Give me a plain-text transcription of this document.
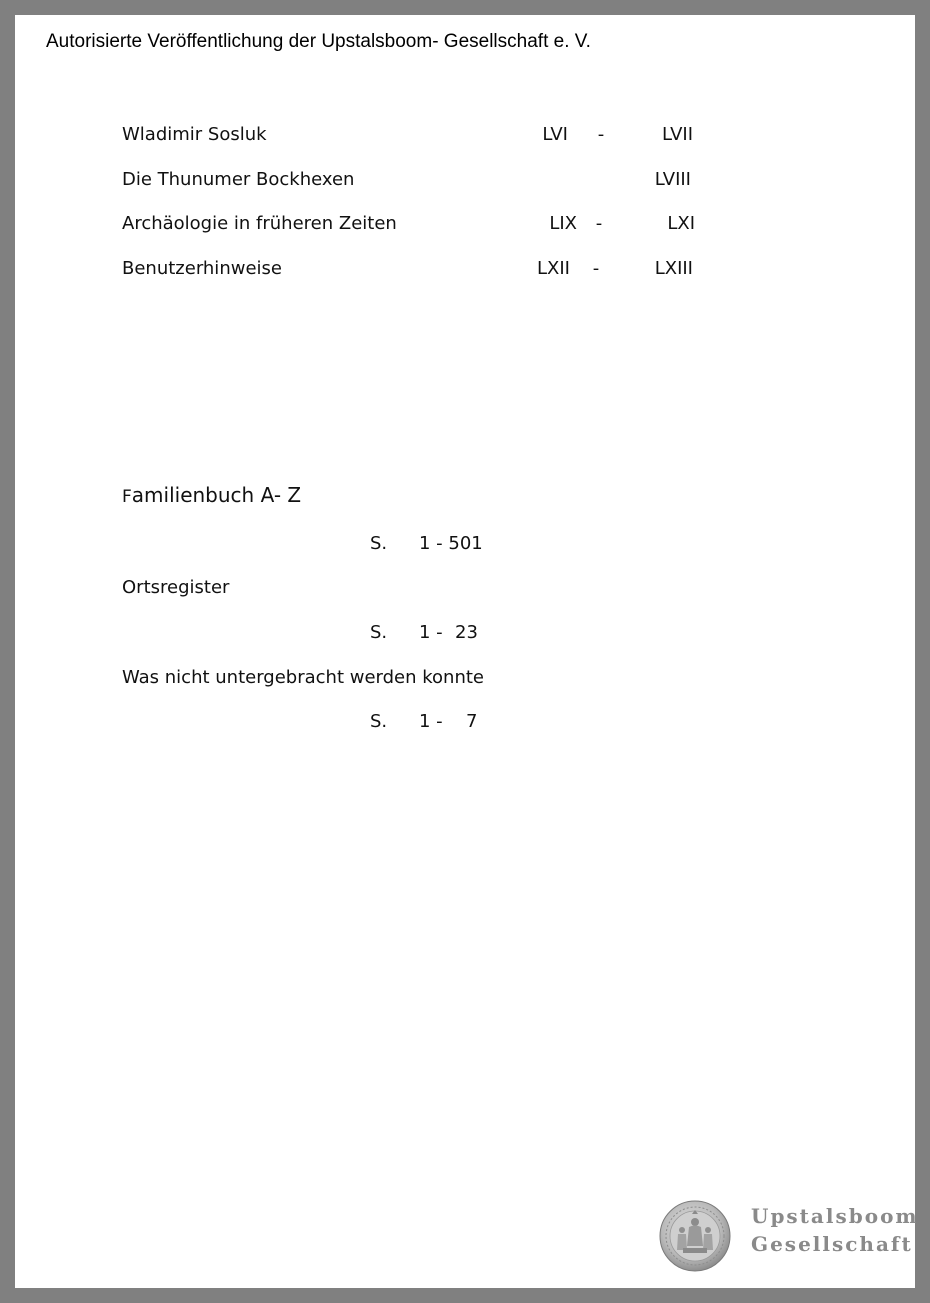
Autorisierte Veröffentlichung der Upstalsboom- Gesellschaft e. V.
Wladimir Sosluk	LVI -	LVII
Die Thunumer Bockhexen	LVIII
Archäologie in früheren Zeiten	LIX -	LXI
Benutzerhinweise	LXII -	LXIII
Familienbuch A- Z
S. 1 - 501
Ortsregister
S. 1 - 23
Was nicht untergebracht werden konnte
S. 1 - 7
Upstalsboom
Gesellschaft
